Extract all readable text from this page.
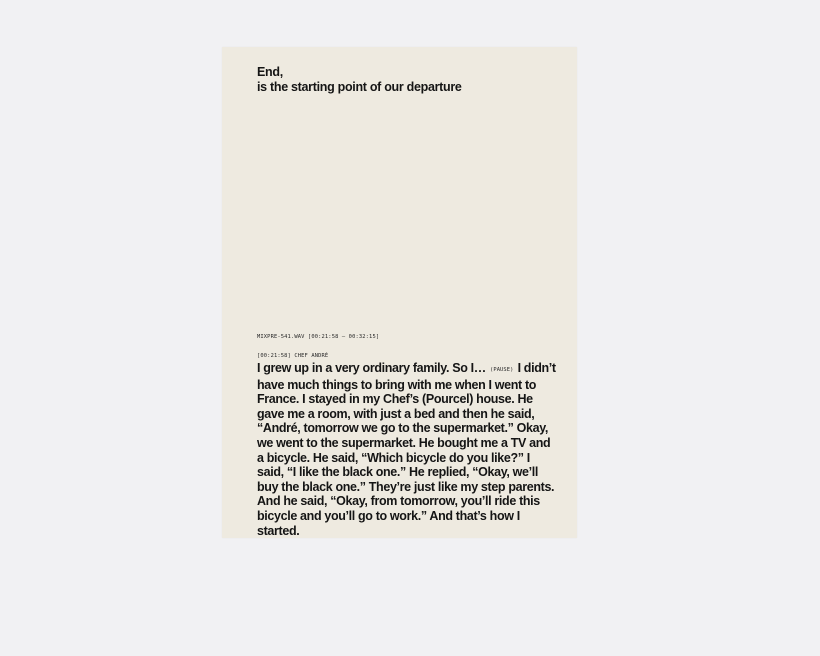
End,
is the starting point of our departure
MIXPRE-541.WAV [00:21:58 – 00:32:15]
[00:21:58] CHEF ANDRÉ

I grew up in a very ordinary family. So I… (PAUSE) I didn’t have much things to bring with me when I went to France. I stayed in my Chef’s (Pourcel) house. He gave me a room, with just a bed and then he said, “André, tomorrow we go to the supermarket.” Okay, we went to the supermarket. He bought me a TV and a bicycle. He said, “Which bicycle do you like?” I said, “I like the black one.” He replied, “Okay, we’ll buy the black one.” They’re just like my step parents. And he said, “Okay, from tomorrow, you’ll ride this bicycle and you’ll go to work.” And that’s how I started.
